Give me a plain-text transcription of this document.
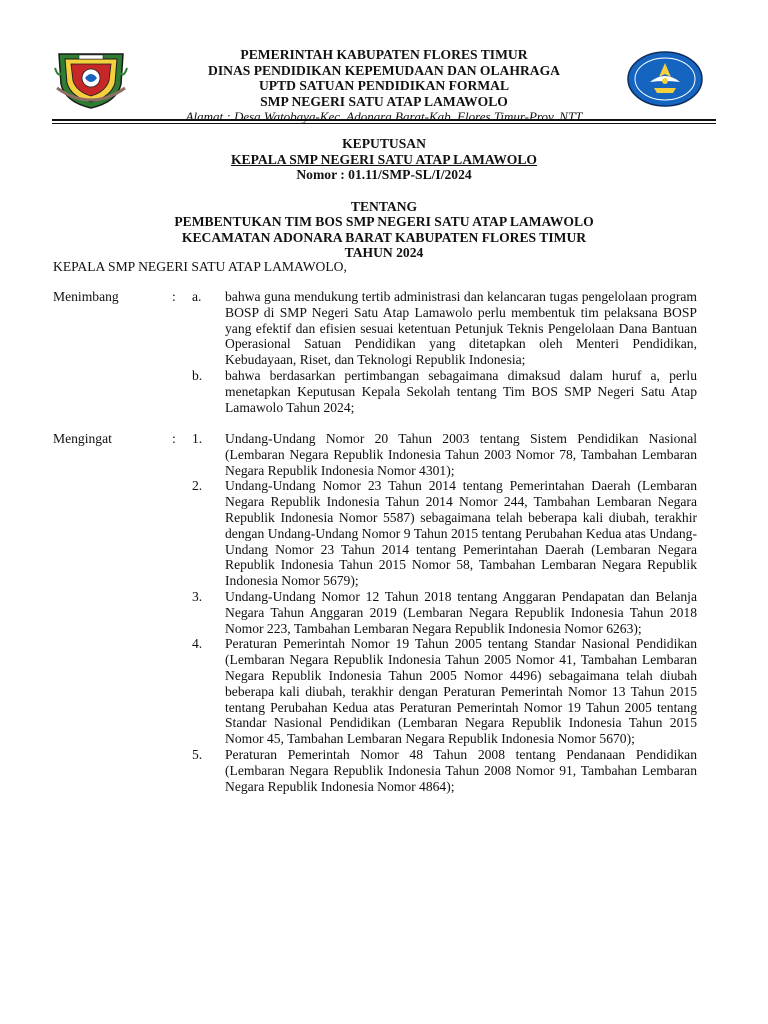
PEMERINTAH KABUPATEN FLORES TIMUR
DINAS PENDIDIKAN KEPEMUDAAN DAN OLAHRAGA
UPTD SATUAN PENDIDIKAN FORMAL
SMP NEGERI SATU ATAP LAMAWOLO
Alamat : Desa Watobaya-Kec. Adonara Barat-Kab. Flores Timur-Prov. NTT
KEPUTUSAN
KEPALA SMP NEGERI SATU ATAP LAMAWOLO
Nomor : 01.11/SMP-SL/I/2024
TENTANG
PEMBENTUKAN TIM BOS SMP NEGERI SATU ATAP LAMAWOLO
KECAMATAN ADONARA BARAT KABUPATEN FLORES TIMUR
TAHUN 2024
KEPALA SMP NEGERI SATU ATAP LAMAWOLO,
Menimbang	: a. bahwa guna mendukung tertib administrasi dan kelancaran tugas pengelolaan program BOSP di SMP Negeri Satu Atap Lamawolo perlu membentuk tim pelaksana BOSP yang efektif dan efisien sesuai ketentuan Petunjuk Teknis Pengelolaan Dana Bantuan Operasional Satuan Pendidikan yang ditetapkan oleh Menteri Pendidikan, Kebudayaan, Riset, dan Teknologi Republik Indonesia;
b. bahwa berdasarkan pertimbangan sebagaimana dimaksud dalam huruf a, perlu menetapkan Keputusan Kepala Sekolah tentang Tim BOS SMP Negeri Satu Atap Lamawolo Tahun 2024;
Mengingat	: 1. Undang-Undang Nomor 20 Tahun 2003 tentang Sistem Pendidikan Nasional (Lembaran Negara Republik Indonesia Tahun 2003 Nomor 78, Tambahan Lembaran Negara Republik Indonesia Nomor 4301);
2. Undang-Undang Nomor 23 Tahun 2014 tentang Pemerintahan Daerah (Lembaran Negara Republik Indonesia Tahun 2014 Nomor 244, Tambahan Lembaran Negara Republik Indonesia Nomor 5587) sebagaimana telah beberapa kali diubah, terakhir dengan Undang-Undang Nomor 9 Tahun 2015 tentang Perubahan Kedua atas Undang-Undang Nomor 23 Tahun 2014 tentang Pemerintahan Daerah (Lembaran Negara Republik Indonesia Tahun 2015 Nomor 58, Tambahan Lembaran Negara Republik Indonesia Nomor 5679);
3. Undang-Undang Nomor 12 Tahun 2018 tentang Anggaran Pendapatan dan Belanja Negara Tahun Anggaran 2019 (Lembaran Negara Republik Indonesia Tahun 2018 Nomor 223, Tambahan Lembaran Negara Republik Indonesia Nomor 6263);
4. Peraturan Pemerintah Nomor 19 Tahun 2005 tentang Standar Nasional Pendidikan (Lembaran Negara Republik Indonesia Tahun 2005 Nomor 41, Tambahan Lembaran Negara Republik Indonesia Tahun 2005 Nomor 4496) sebagaimana telah diubah beberapa kali diubah, terakhir dengan Peraturan Pemerintah Nomor 13 Tahun 2015 tentang Perubahan Kedua atas Peraturan Pemerintah Nomor 19 Tahun 2005 tentang Standar Nasional Pendidikan (Lembaran Negara Republik Indonesia Tahun 2015 Nomor 45, Tambahan Lembaran Negara Republik Indonesia Nomor 5670);
5. Peraturan Pemerintah Nomor 48 Tahun 2008 tentang Pendanaan Pendidikan (Lembaran Negara Republik Indonesia Tahun 2008 Nomor 91, Tambahan Lembaran Negara Republik Indonesia Nomor 4864);
